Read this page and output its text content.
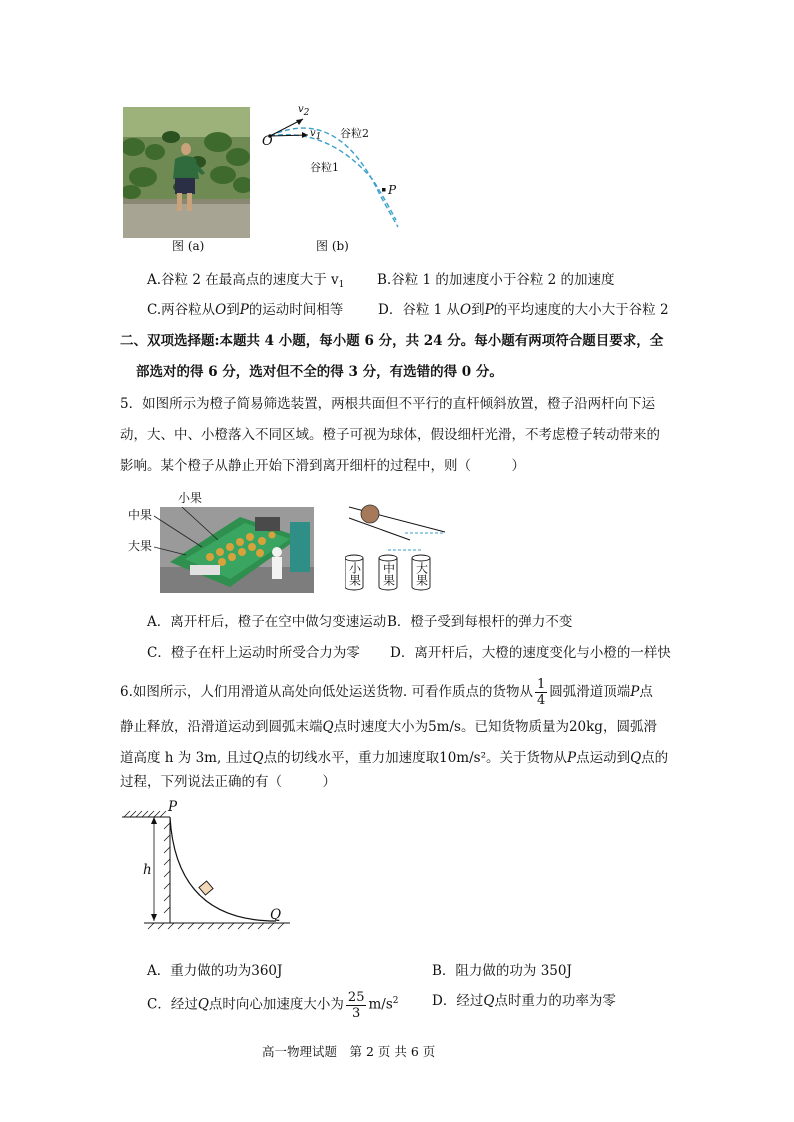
图 (a)
O
v2
v1 谷粒2
谷粒1
P
图 (b)
A.谷粒 2 在最高点的速度大于 $v_1$ B.谷粒 1 的加速度小于谷粒 2 的加速度
C.两谷粒从O到P的运动时间相等	D．谷粒 1 从O到P的平均速度的大小大于谷粒 2
二、双项选择题:本题共 4 小题，每小题 6 分，共 24 分。每小题有两项符合题目要求，全
部选对的得 6 分，选对但不全的得 3 分，有选错的得 0 分。
5．如图所示为橙子简易筛选装置，两根共面但不平行的直杆倾斜放置，橙子沿两杆向下运
动，大、中、小橙落入不同区域。橙子可视为球体，假设细杆光滑，不考虑橙子转动带来的
影响。某个橙子从静止开始下滑到离开细杆的过程中，则（　　　）
小果
中果
大果
小果 中果 大果
A．离开杆后，橙子在空中做匀变速运动 B．橙子受到每根杆的弹力不变
C．橙子在杆上运动时所受合力为零 D．离开杆后，大橙的速度变化与小橙的一样快
6.如图所示，人们用滑道从高处向低处运送货物. 可看作质点的货物从 $\frac{1}{4}$ 圆弧滑道顶端P点
静止释放，沿滑道运动到圆弧末端Q点时速度大小为5m/s。已知货物质量为20kg，圆弧滑
道高度 h 为 3m, 且过Q点的切线水平，重力加速度取10m/s²。关于货物从P点运动到Q点的
过程，下列说法正确的有（　　　）
P
h
Q
A．重力做的功为360J	B．阻力做的功为 350J
C．经过Q点时向心加速度大小为 $\frac{25}{3} m/s^2$ D．经过Q点时重力的功率为零
高一物理试题　第 2 页 共 6 页
